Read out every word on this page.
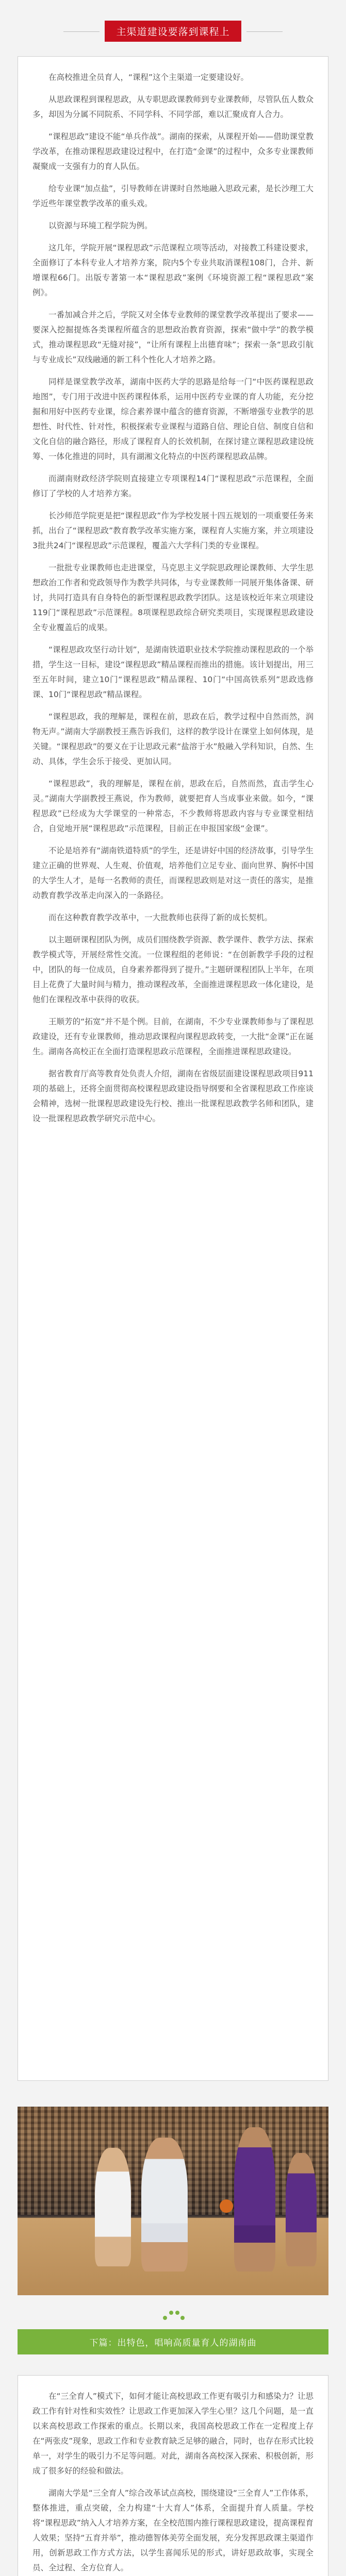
主渠道建设要落到课程上

在高校推进全员育人，“课程”这个主渠道一定要建设好。

从思政课程到课程思政，从专职思政课教师到专业课教师，尽管队伍人数众多，却因为分属不同院系、不同学科、不同学部，难以汇聚成育人合力。

“课程思政”建设不能“单兵作战”。湖南的探索，从课程开始——借助课堂教学改革，在推动课程思政建设过程中，在打造“金课”的过程中，众多专业课教师凝聚成一支强有力的育人队伍。

给专业课“加点盐”，引导教师在讲课时自然地融入思政元素，是长沙理工大学近些年课堂教学改革的重头戏。

以资源与环境工程学院为例。

这几年，学院开展“课程思政”示范课程立项等活动，对接教工科建设要求，全面修订了本科专业人才培养方案，院内5个专业共取消课程108门，合并、新增课程66门。出版专著第一本“课程思政”案例《环境资源工程“课程思政”案例》。

一番加减合并之后，学院又对全体专业教师的课堂教学改革提出了要求——要深入挖掘提炼各类课程所蕴含的思想政治教育资源，探索“做中学”的教学模式，推动课程思政“无缝对接”，“让所有课程上出德育味”；探索一条“思政引航与专业成长”双线融通的新工科个性化人才培养之路。

同样是课堂教学改革，湖南中医药大学的思路是给每一门“中医药课程思政地图”，专门用于改进中医药课程体系，运用中医药专业课的育人功能，充分挖掘和用好中医药专业课，综合素养课中蕴含的德育资源，不断增强专业教学的思想性、时代性、针对性，积极探索专业课程与道路自信、理论自信、制度自信和文化自信的融合路径，形成了课程育人的长效机制，在探讨建立课程思政建设统筹、一体化推进的同时，具有湖湘文化特点的中医药课程思政品牌。

而湖南财政经济学院则直接建立专项课程14门“课程思政”示范课程，全面修订了学校的人才培养方案。

长沙师范学院更是把“课程思政”作为学校发展十四五规划的一项重要任务来抓，出台了“课程思政”教育教学改革实施方案，课程育人实施方案，并立项建设3批共24门“课程思政”示范课程，覆盖六大学科门类的专业课程。

一批批专业课教师也走进课堂，马克思主义学院思政理论课教师、大学生思想政治工作者和党政领导作为教学共同体，与专业课教师一同展开集体备课、研讨，共同打造具有自身特色的新型课程思政教学团队。这是该校近年来立项建设119门“课程思政”示范课程。8项课程思政综合研究类项目，实现课程思政建设全专业覆盖后的成果。

“课程思政攻坚行动计划”，是湖南铁道职业技术学院推动课程思政的一个举措，学生这一目标，建设“课程思政”精品课程而推出的措施。该计划提出，用三至五年时间，建立10门“课程思政”精品课程、10门“中国高铁系列”思政选修课、10门“课程思政”精品课程。

“课程思政，我的理解是，课程在前，思政在后，教学过程中自然而然，润物无声。”湖南大学副教授王燕告诉我们，这样的教学设计在课堂上如何体现，是关键。“课程思政”的要义在于让思政元素“盐溶于水”般融入学科知识，自然、生动、具体，学生会乐于接受、更加认同。

“课程思政”，我的理解是，课程在前，思政在后，自然而然，直击学生心灵。”湖南大学副教授王燕说，作为教师，就要把育人当成事业来做。如今，“课程思政”已经成为大学课堂的一种常态，不少教师将思政内容与专业课堂相结合，自觉地开展“课程思政”示范课程，目前正在申报国家级“金课”。

不论是培养有“湖南铁道特质”的学生，还是讲好中国的经济故事，引导学生建立正确的世界观、人生观、价值观，培养他们立足专业、面向世界、胸怀中国的大学生人才，是每一名教师的责任，而课程思政则是对这一责任的落实，是推动教育教学改革走向深入的一条路径。

而在这种教育教学改革中，一大批教师也获得了新的成长契机。

以主题研课程团队为例，成员们围绕教学资源、教学课件、教学方法、探索教学模式等，开展经常性交流。一位课程组的老师说：“在创新教学手段的过程中，团队的每一位成员，自身素养都得到了提升。”主题研课程团队上半年，在项目上花费了大量时间与精力，推动课程改革，全面推进课程思政一体化建设，是他们在课程改革中获得的收获。

王顺芳的“拓宽”并不是个例。目前，在湖南，不少专业课教师参与了课程思政建设，还有专业课教师，推动思政课程向课程思政转变，一大批“金课”正在诞生。湖南各高校正在全面打造课程思政示范课程，全面推进课程思政建设。

据省教育厅高等教育处负责人介绍，湖南在省级层面建设课程思政项目911项的基础上，还将全面贯彻高校课程思政建设指导纲要和全省课程思政工作座谈会精神，选树一批课程思政建设先行校、推出一批课程思政教学名师和团队，建设一批课程思政教学研究示范中心。

下篇：出特色，唱响高质量育人的湖南曲

在“三全育人”模式下，如何才能让高校思政工作更有吸引力和感染力？让思政工作有针对性和实效性？让思政工作更加深入学生心里？这几个问题，是一直以来高校思政工作探索的重点。长期以来，我国高校思政工作在一定程度上存在“两张皮”现象，思政工作和专业教育缺乏足够的融合，同时，也存在形式比较单一，对学生的吸引力不足等问题。对此，湖南各高校深入探索、积极创新，形成了很多好的经验和做法。

湖南大学是“三全育人”综合改革试点高校，围绕建设“三全育人”工作体系，整体推进，重点突破，全力构建“十大育人”体系，全面提升育人质量。学校将“课程思政”纳入人才培养方案，在全校范围内推行课程思政建设，提高课程育人效果；坚持“五育并举”，推动德智体美劳全面发展，充分发挥思政课主渠道作用，创新思政工作方式方法，以学生喜闻乐见的形式，讲好思政故事，实现全员、全过程、全方位育人。
